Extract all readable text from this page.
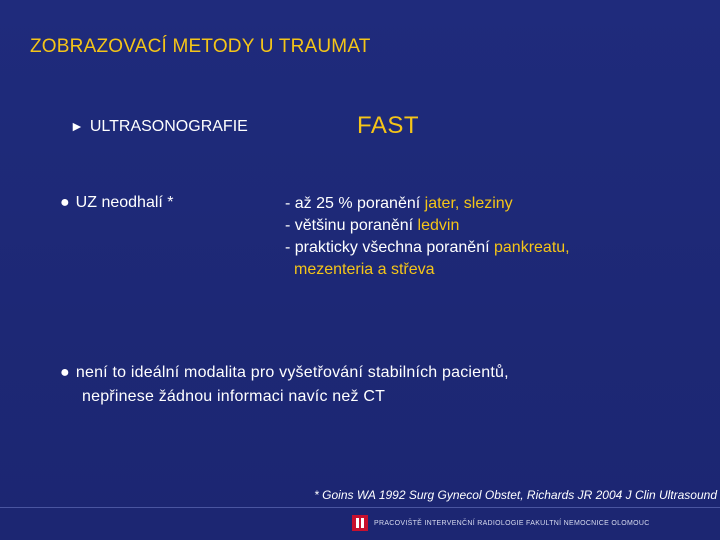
ZOBRAZOVACÍ METODY U TRAUMAT
► ULTRASONOGRAFIE	FAST
● UZ neodhalí *	- až 25 % poranění jater, sleziny
- většinu poranění ledvin
- prakticky všechna poranění pankreatu,
mezenteria a střeva
● není to ideální modalita pro vyšetřování stabilních pacientů,
nepřinese žádnou informaci navíc než CT
* Goins WA 1992 Surg Gynecol Obstet, Richards JR 2004 J Clin Ultrasound
PRACOVIŠTĚ INTERVENČNÍ RADIOLOGIE FAKULTNÍ NEMOCNICE OLOMOUC
